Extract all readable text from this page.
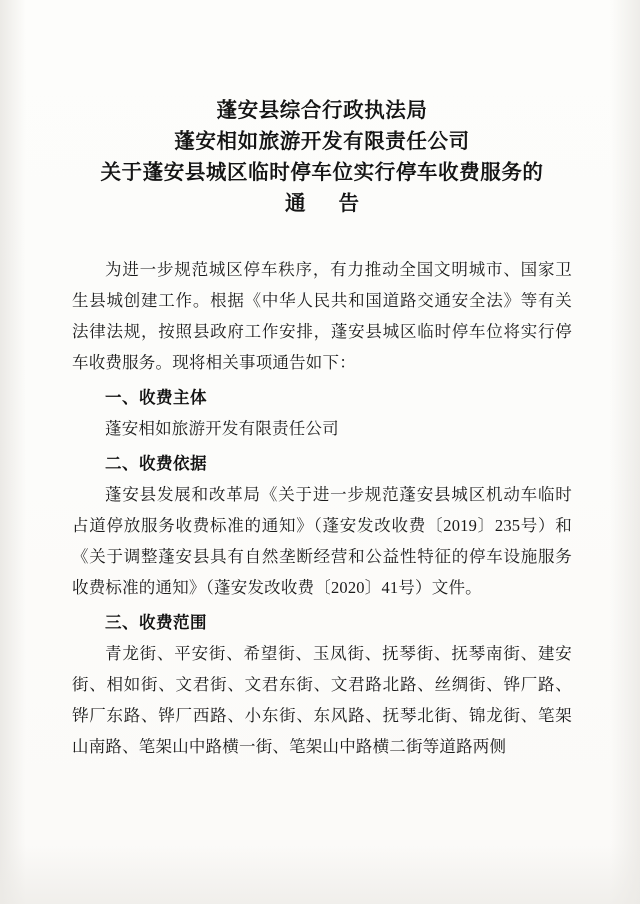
蓬安县综合行政执法局
蓬安相如旅游开发有限责任公司
关于蓬安县城区临时停车位实行停车收费服务的
通 告

为进一步规范城区停车秩序，有力推动全国文明城市、国家卫生县城创建工作。根据《中华人民共和国道路交通安全法》等有关法律法规，按照县政府工作安排，蓬安县城区临时停车位将实行停车收费服务。现将相关事项通告如下：

一、收费主体

蓬安相如旅游开发有限责任公司

二、收费依据

蓬安县发展和改革局《关于进一步规范蓬安县城区机动车临时占道停放服务收费标准的通知》（蓬安发改收费〔2019〕235号）和《关于调整蓬安县具有自然垄断经营和公益性特征的停车设施服务收费标准的通知》（蓬安发改收费〔2020〕41号）文件。

三、收费范围

青龙街、平安街、希望街、玉凤街、抚琴街、抚琴南街、建安街、相如街、文君街、文君东街、文君路北路、丝绸街、铧厂路、铧厂东路、铧厂西路、小东街、东风路、抚琴北街、锦龙街、笔架山南路、笔架山中路横一街、笔架山中路横二街等道路两侧
